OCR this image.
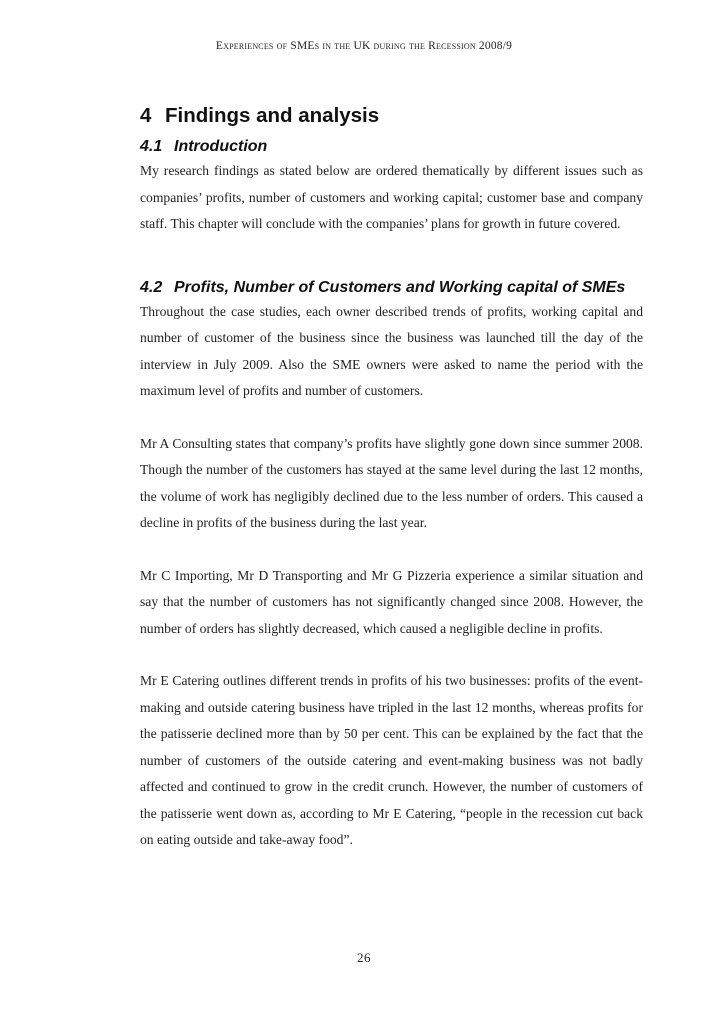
Experiences of SMEs in the UK during the Recession 2008/9
4 Findings and analysis
4.1 Introduction

My research findings as stated below are ordered thematically by different issues such as companies’ profits, number of customers and working capital; customer base and company staff. This chapter will conclude with the companies’ plans for growth in future covered.

4.2 Profits, Number of Customers and Working capital of SMEs

Throughout the case studies, each owner described trends of profits, working capital and number of customer of the business since the business was launched till the day of the interview in July 2009. Also the SME owners were asked to name the period with the maximum level of profits and number of customers.

Mr A Consulting states that company’s profits have slightly gone down since summer 2008. Though the number of the customers has stayed at the same level during the last 12 months, the volume of work has negligibly declined due to the less number of orders. This caused a decline in profits of the business during the last year.

Mr C Importing, Mr D Transporting and Mr G Pizzeria experience a similar situation and say that the number of customers has not significantly changed since 2008. However, the number of orders has slightly decreased, which caused a negligible decline in profits.

Mr E Catering outlines different trends in profits of his two businesses: profits of the event-making and outside catering business have tripled in the last 12 months, whereas profits for the patisserie declined more than by 50 per cent. This can be explained by the fact that the number of customers of the outside catering and event-making business was not badly affected and continued to grow in the credit crunch. However, the number of customers of the patisserie went down as, according to Mr E Catering, “people in the recession cut back on eating outside and take-away food”.

26
